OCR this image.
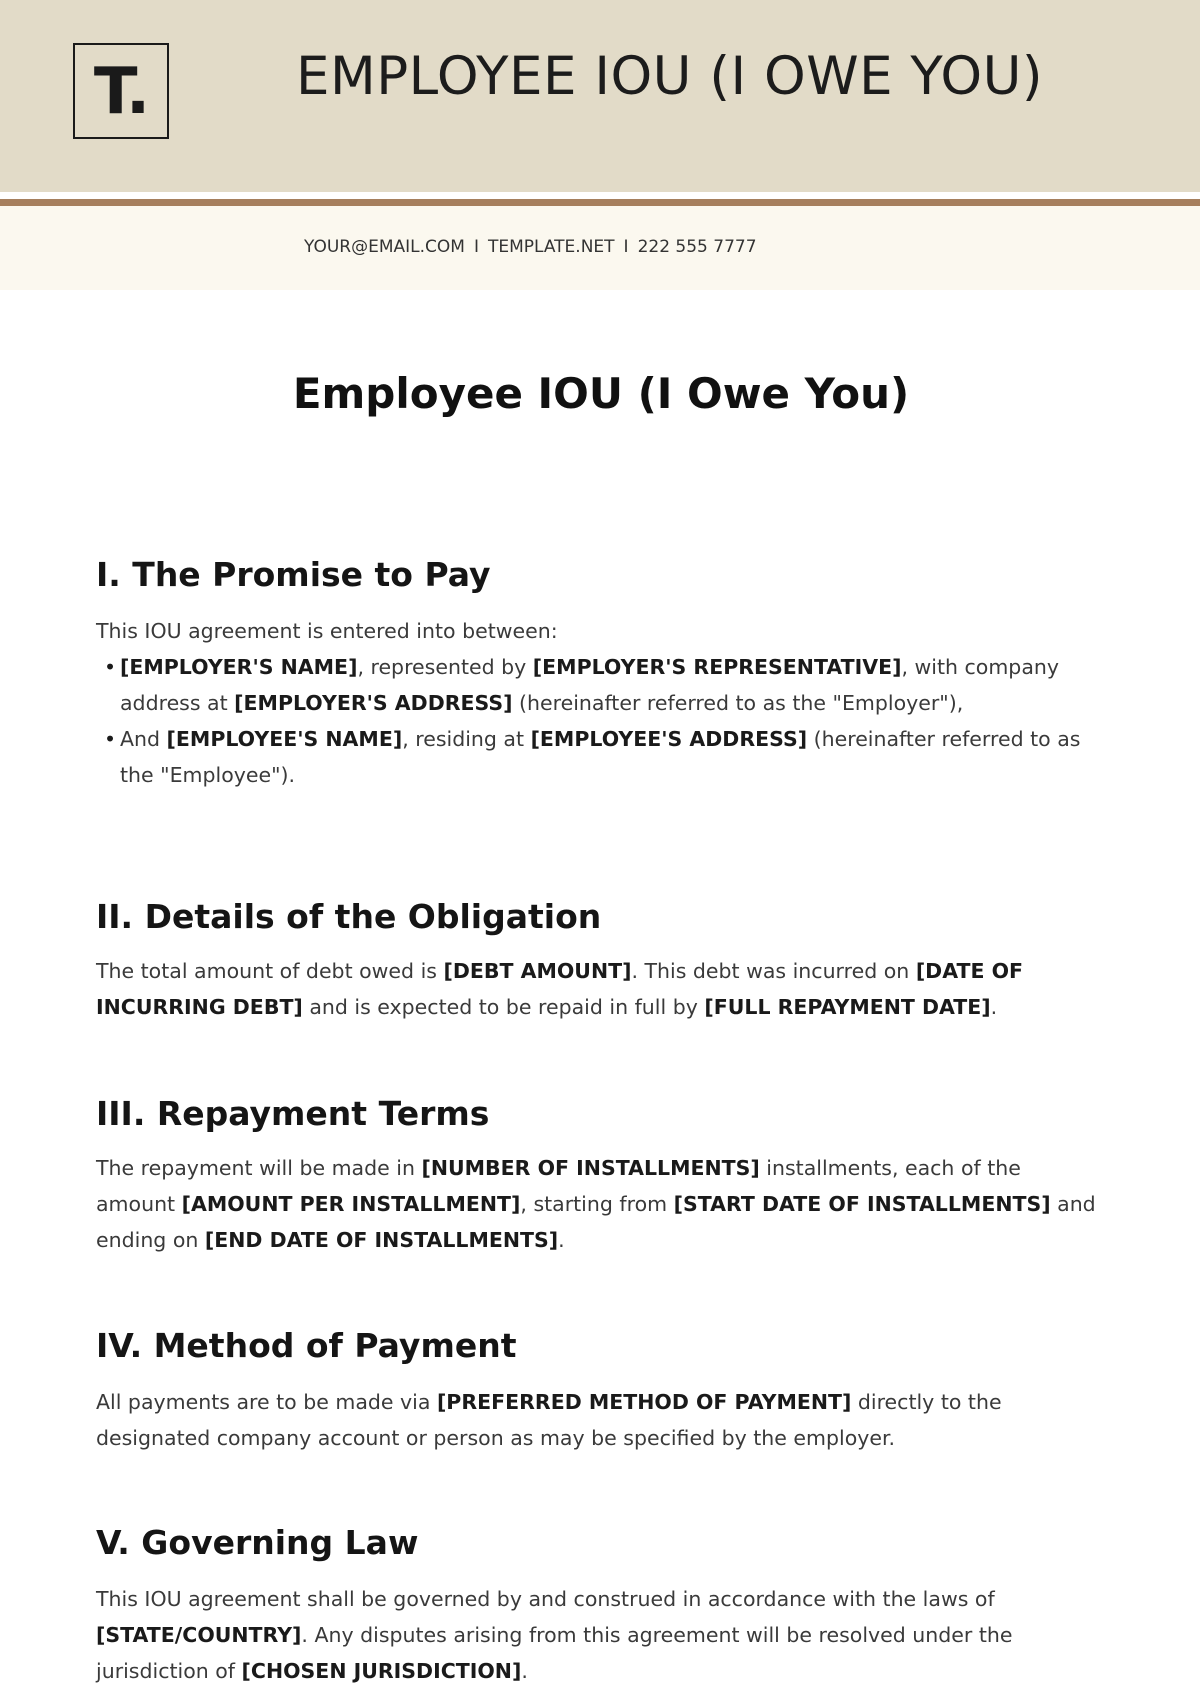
T.	EMPLOYEE IOU (I OWE YOU)
YOUR@EMAIL.COM I TEMPLATE.NET I 222 555 7777
Employee IOU (I Owe You)
I. The Promise to Pay

This IOU agreement is entered into between:

• [EMPLOYER'S NAME], represented by [EMPLOYER'S REPRESENTATIVE], with company address at [EMPLOYER'S ADDRESS] (hereinafter referred to as the "Employer"),
• And [EMPLOYEE'S NAME], residing at [EMPLOYEE'S ADDRESS] (hereinafter referred to as the "Employee").
II. Details of the Obligation

The total amount of debt owed is [DEBT AMOUNT]. This debt was incurred on [DATE OF INCURRING DEBT] and is expected to be repaid in full by [FULL REPAYMENT DATE].

III. Repayment Terms

The repayment will be made in [NUMBER OF INSTALLMENTS] installments, each of the amount [AMOUNT PER INSTALLMENT], starting from [START DATE OF INSTALLMENTS] and ending on [END DATE OF INSTALLMENTS].

IV. Method of Payment

All payments are to be made via [PREFERRED METHOD OF PAYMENT] directly to the designated company account or person as may be specified by the employer.

V. Governing Law

This IOU agreement shall be governed by and construed in accordance with the laws of [STATE/COUNTRY]. Any disputes arising from this agreement will be resolved under the jurisdiction of [CHOSEN JURISDICTION].
